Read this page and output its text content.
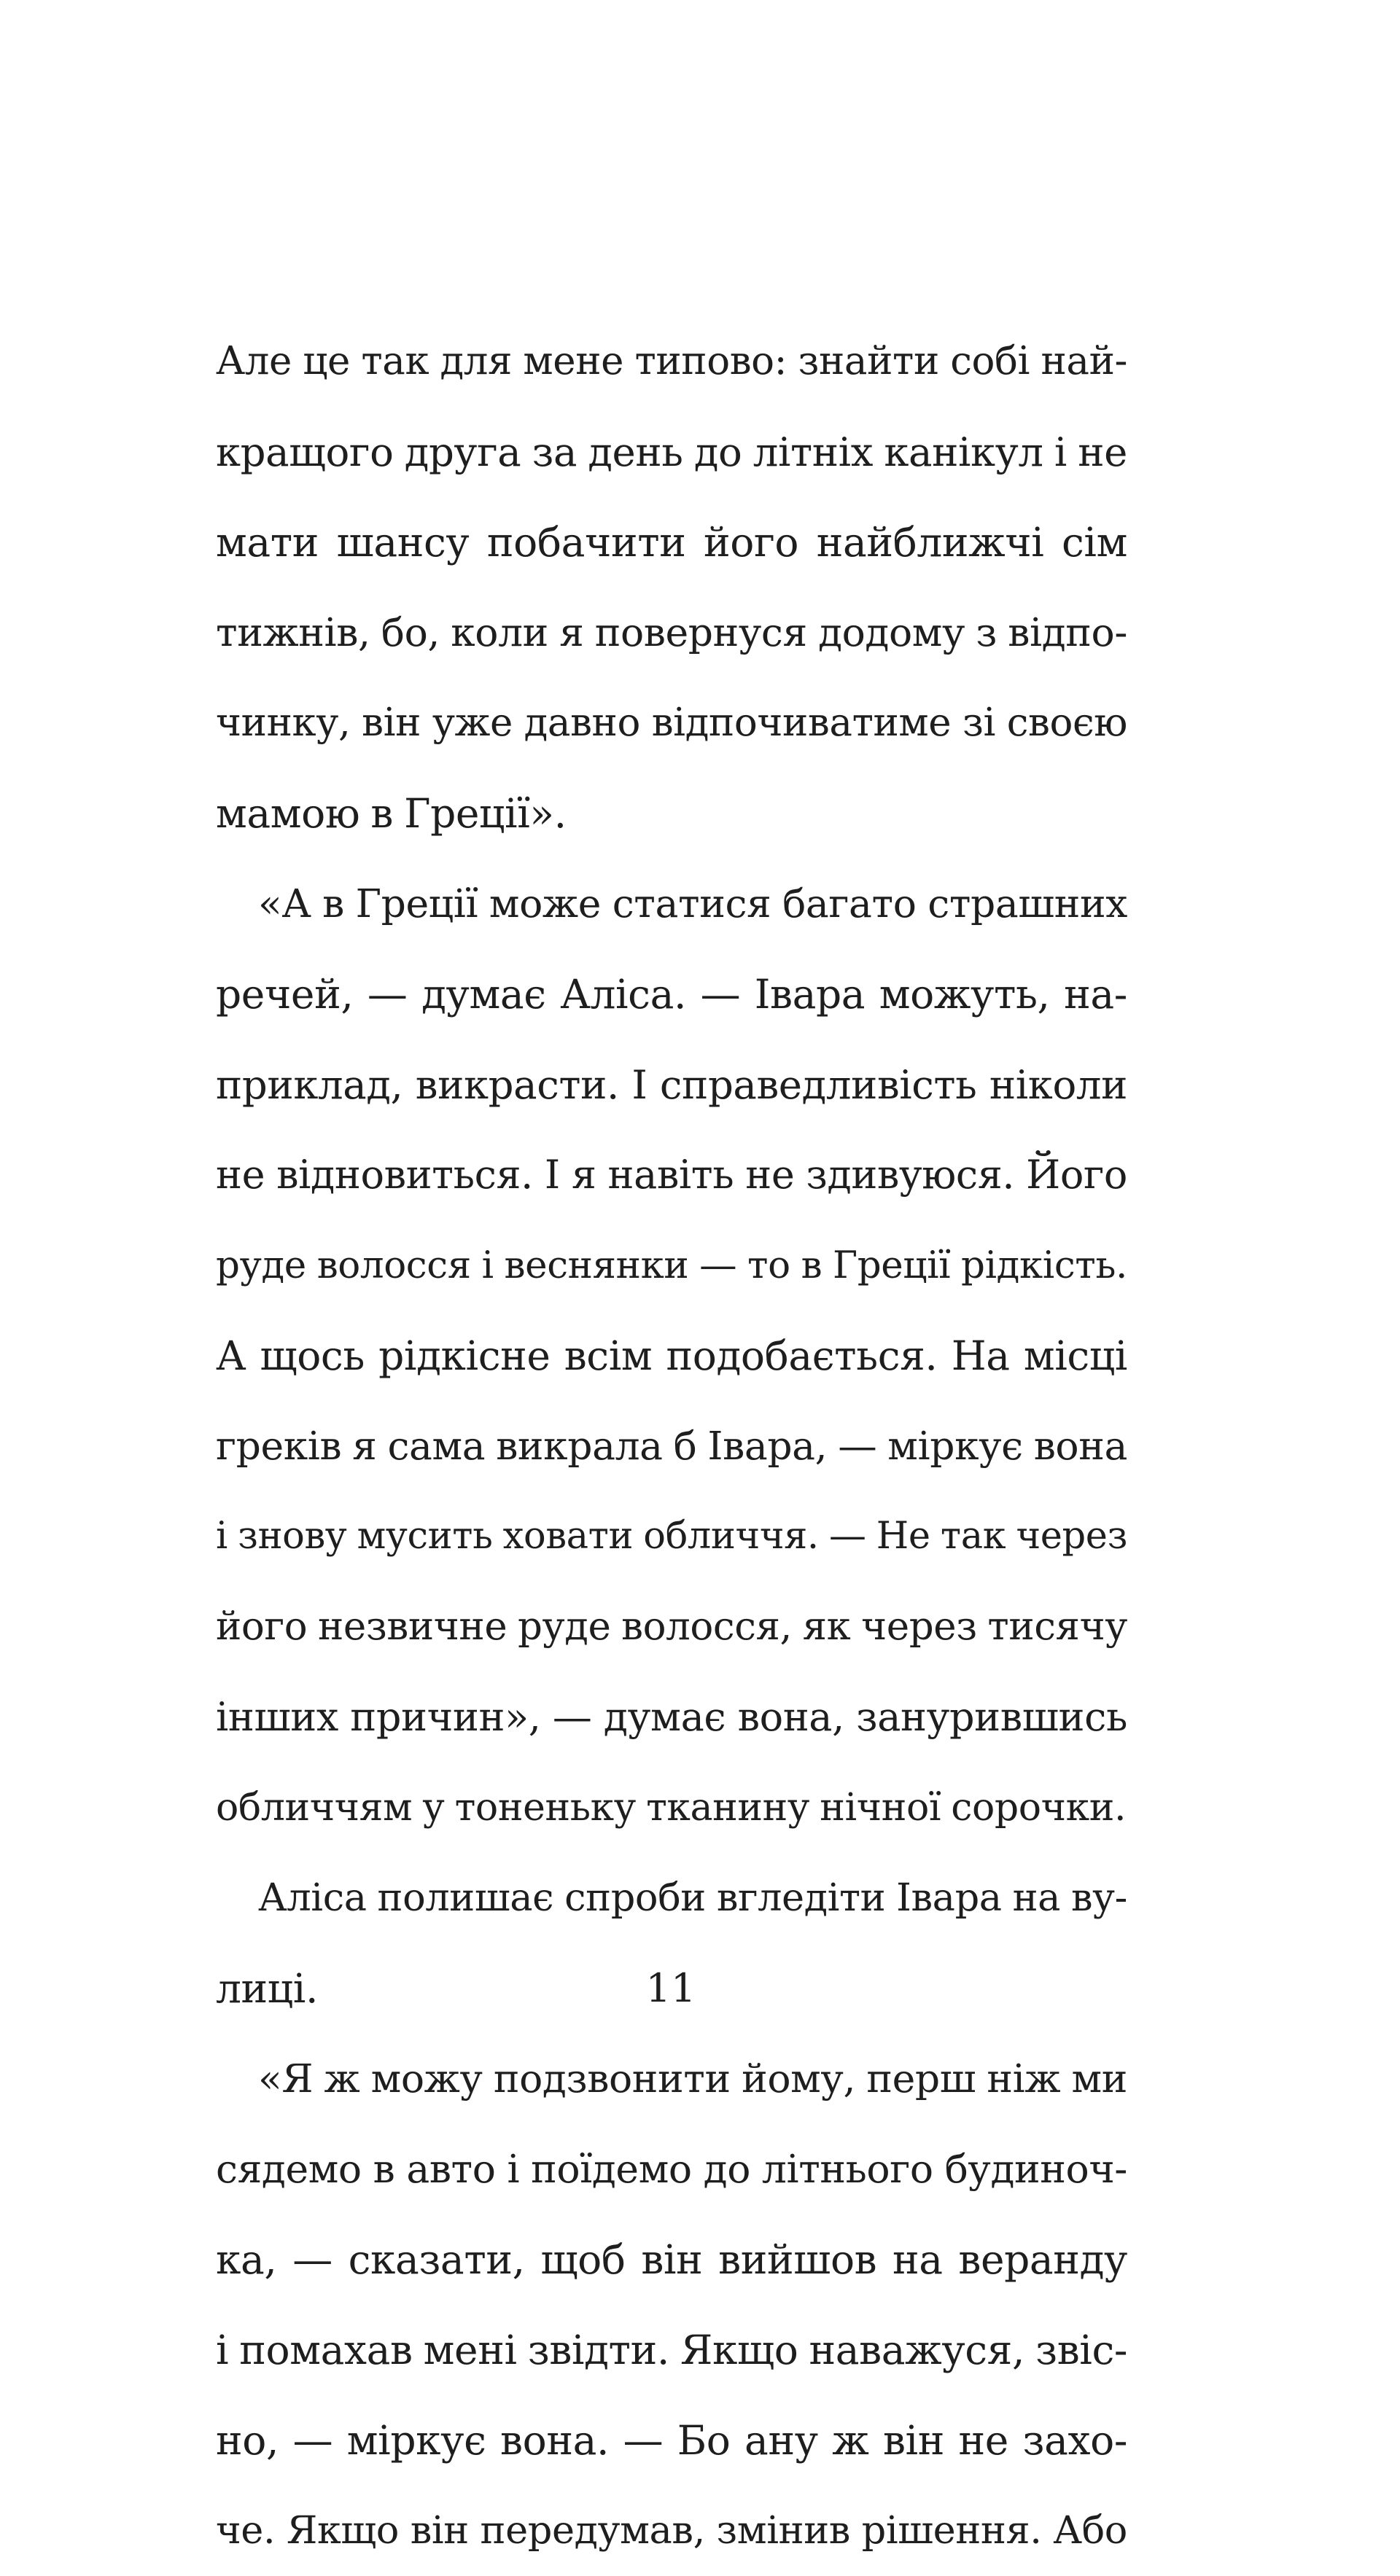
Але це так для мене типово: знайти собі най-
кращого друга за день до літніх канікул і не
мати шансу побачити його найближчі сім
тижнів, бо, коли я повернуся додому з відпо-
чинку, він уже давно відпочиватиме зі своєю
мамою в Греції».
«А в Греції може статися багато страшних
речей, — думає Аліса. — Івара можуть, на-
приклад, викрасти. І справедливість ніколи
не відновиться. І я навіть не здивуюся. Його
руде волосся і веснянки — то в Греції рідкість.
А щось рідкісне всім подобається. На місці
греків я сама викрала б Івара, — міркує вона
і знову мусить ховати обличчя. — Не так через
його незвичне руде волосся, як через тисячу
інших причин», — думає вона, занурившись
обличчям у тоненьку тканину нічної сорочки.
Аліса полишає спроби вгледіти Івара на ву-
лиці.
«Я ж можу подзвонити йому, перш ніж ми
сядемо в авто і поїдемо до літнього будиноч-
ка, — сказати, щоб він вийшов на веранду
і помахав мені звідти. Якщо наважуся, звіс-
но, — міркує вона. — Бо ану ж він не захо-
че. Якщо він передумав, змінив рішення. Або
11
